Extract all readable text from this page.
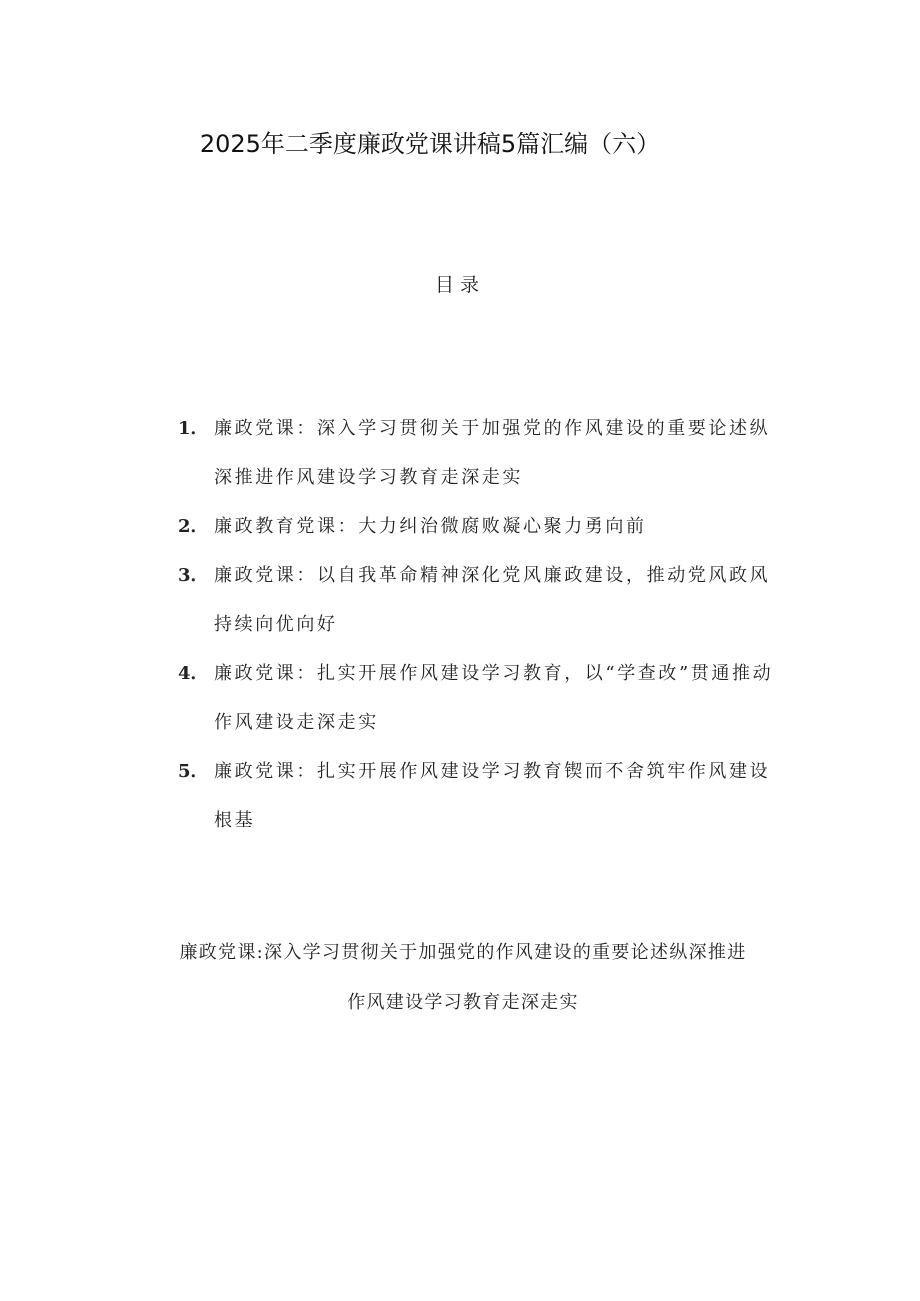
2025年二季度廉政党课讲稿5篇汇编（六）
目录
1． 廉政党课：深入学习贯彻关于加强党的作风建设的重要论述纵深推进作风建设学习教育走深走实
2． 廉政教育党课：大力纠治微腐败凝心聚力勇向前
3． 廉政党课：以自我革命精神深化党风廉政建设，推动党风政风持续向优向好
4． 廉政党课：扎实开展作风建设学习教育，以“学查改”贯通推动作风建设走深走实
5． 廉政党课：扎实开展作风建设学习教育锲而不舍筑牢作风建设根基
廉政党课:深入学习贯彻关于加强党的作风建设的重要论述纵深推进作风建设学习教育走深走实
